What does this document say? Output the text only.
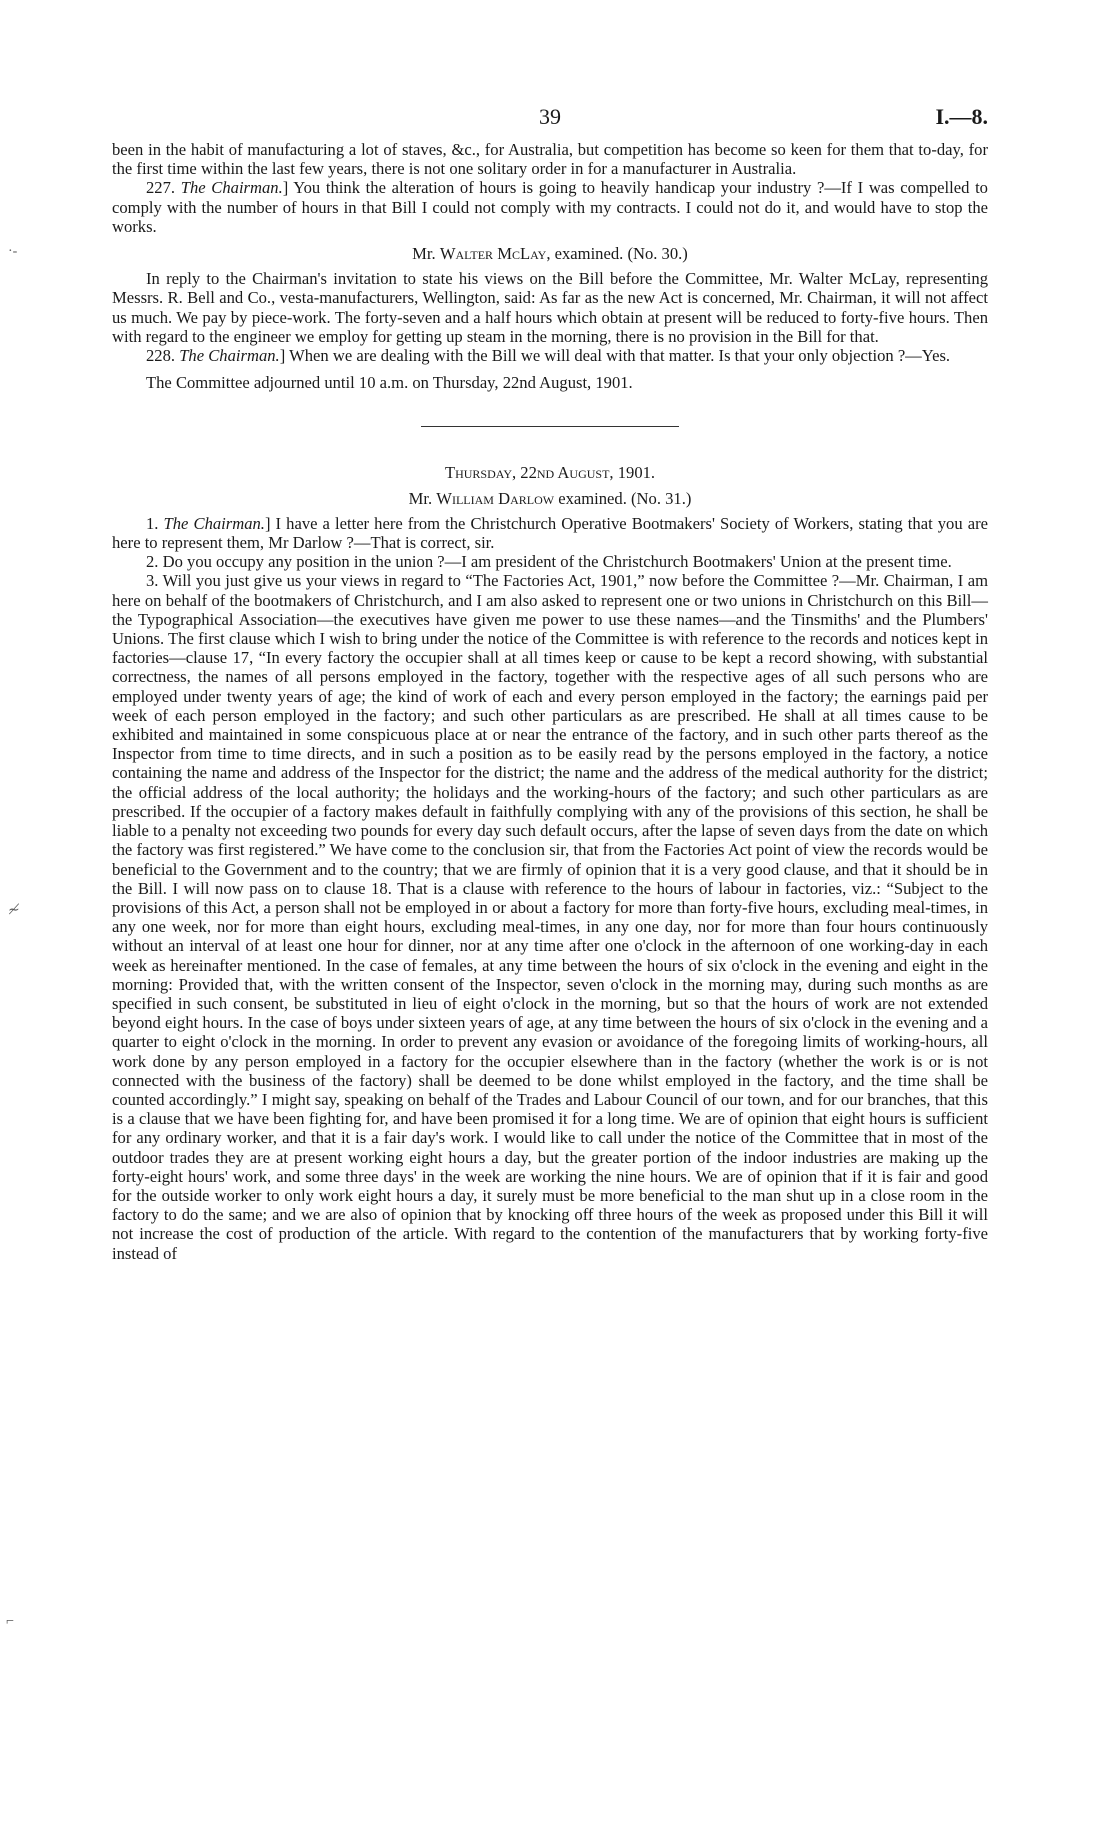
·-
≁
⌐
39	I.—8.

been in the habit of manufacturing a lot of staves, &c., for Australia, but competition has become so keen for them that to-day, for the first time within the last few years, there is not one solitary order in for a manufacturer in Australia.

227. The Chairman.] You think the alteration of hours is going to heavily handicap your industry ?—If I was compelled to comply with the number of hours in that Bill I could not comply with my contracts. I could not do it, and would have to stop the works.

Mr. Walter McLay, examined. (No. 30.)

In reply to the Chairman's invitation to state his views on the Bill before the Committee, Mr. Walter McLay, representing Messrs. R. Bell and Co., vesta-manufacturers, Wellington, said: As far as the new Act is concerned, Mr. Chairman, it will not affect us much. We pay by piece-work. The forty-seven and a half hours which obtain at present will be reduced to forty-five hours. Then with regard to the engineer we employ for getting up steam in the morning, there is no provision in the Bill for that.

228. The Chairman.] When we are dealing with the Bill we will deal with that matter. Is that your only objection ?—Yes.

The Committee adjourned until 10 a.m. on Thursday, 22nd August, 1901.

Thursday, 22nd August, 1901.

Mr. William Darlow examined. (No. 31.)

1. The Chairman.] I have a letter here from the Christchurch Operative Bootmakers' Society of Workers, stating that you are here to represent them, Mr Darlow ?—That is correct, sir.

2. Do you occupy any position in the union ?—I am president of the Christchurch Bootmakers' Union at the present time.

3. Will you just give us your views in regard to “The Factories Act, 1901,” now before the Committee ?—Mr. Chairman, I am here on behalf of the bootmakers of Christchurch, and I am also asked to represent one or two unions in Christchurch on this Bill—the Typographical Association—the executives have given me power to use these names—and the Tinsmiths' and the Plumbers' Unions. The first clause which I wish to bring under the notice of the Committee is with reference to the records and notices kept in factories—clause 17, “In every factory the occupier shall at all times keep or cause to be kept a record showing, with substantial correctness, the names of all persons employed in the factory, together with the respective ages of all such persons who are employed under twenty years of age; the kind of work of each and every person employed in the factory; the earnings paid per week of each person employed in the factory; and such other particulars as are prescribed. He shall at all times cause to be exhibited and maintained in some conspicuous place at or near the entrance of the factory, and in such other parts thereof as the Inspector from time to time directs, and in such a position as to be easily read by the persons employed in the factory, a notice containing the name and address of the Inspector for the district; the name and the address of the medical authority for the district; the official address of the local authority; the holidays and the working-hours of the factory; and such other particulars as are prescribed. If the occupier of a factory makes default in faithfully complying with any of the provisions of this section, he shall be liable to a penalty not exceeding two pounds for every day such default occurs, after the lapse of seven days from the date on which the factory was first registered.” We have come to the conclusion sir, that from the Factories Act point of view the records would be beneficial to the Government and to the country; that we are firmly of opinion that it is a very good clause, and that it should be in the Bill. I will now pass on to clause 18. That is a clause with reference to the hours of labour in factories, viz.: “Subject to the provisions of this Act, a person shall not be employed in or about a factory for more than forty-five hours, excluding meal-times, in any one week, nor for more than eight hours, excluding meal-times, in any one day, nor for more than four hours continuously without an interval of at least one hour for dinner, nor at any time after one o'clock in the afternoon of one working-day in each week as hereinafter mentioned. In the case of females, at any time between the hours of six o'clock in the evening and eight in the morning: Provided that, with the written consent of the Inspector, seven o'clock in the morning may, during such months as are specified in such consent, be substituted in lieu of eight o'clock in the morning, but so that the hours of work are not extended beyond eight hours. In the case of boys under sixteen years of age, at any time between the hours of six o'clock in the evening and a quarter to eight o'clock in the morning. In order to prevent any evasion or avoidance of the foregoing limits of working-hours, all work done by any person employed in a factory for the occupier elsewhere than in the factory (whether the work is or is not connected with the business of the factory) shall be deemed to be done whilst employed in the factory, and the time shall be counted accordingly.” I might say, speaking on behalf of the Trades and Labour Council of our town, and for our branches, that this is a clause that we have been fighting for, and have been promised it for a long time. We are of opinion that eight hours is sufficient for any ordinary worker, and that it is a fair day's work. I would like to call under the notice of the Committee that in most of the outdoor trades they are at present working eight hours a day, but the greater portion of the indoor industries are making up the forty-eight hours' work, and some three days' in the week are working the nine hours. We are of opinion that if it is fair and good for the outside worker to only work eight hours a day, it surely must be more beneficial to the man shut up in a close room in the factory to do the same; and we are also of opinion that by knocking off three hours of the week as proposed under this Bill it will not increase the cost of production of the article. With regard to the contention of the manufacturers that by working forty-five instead of
